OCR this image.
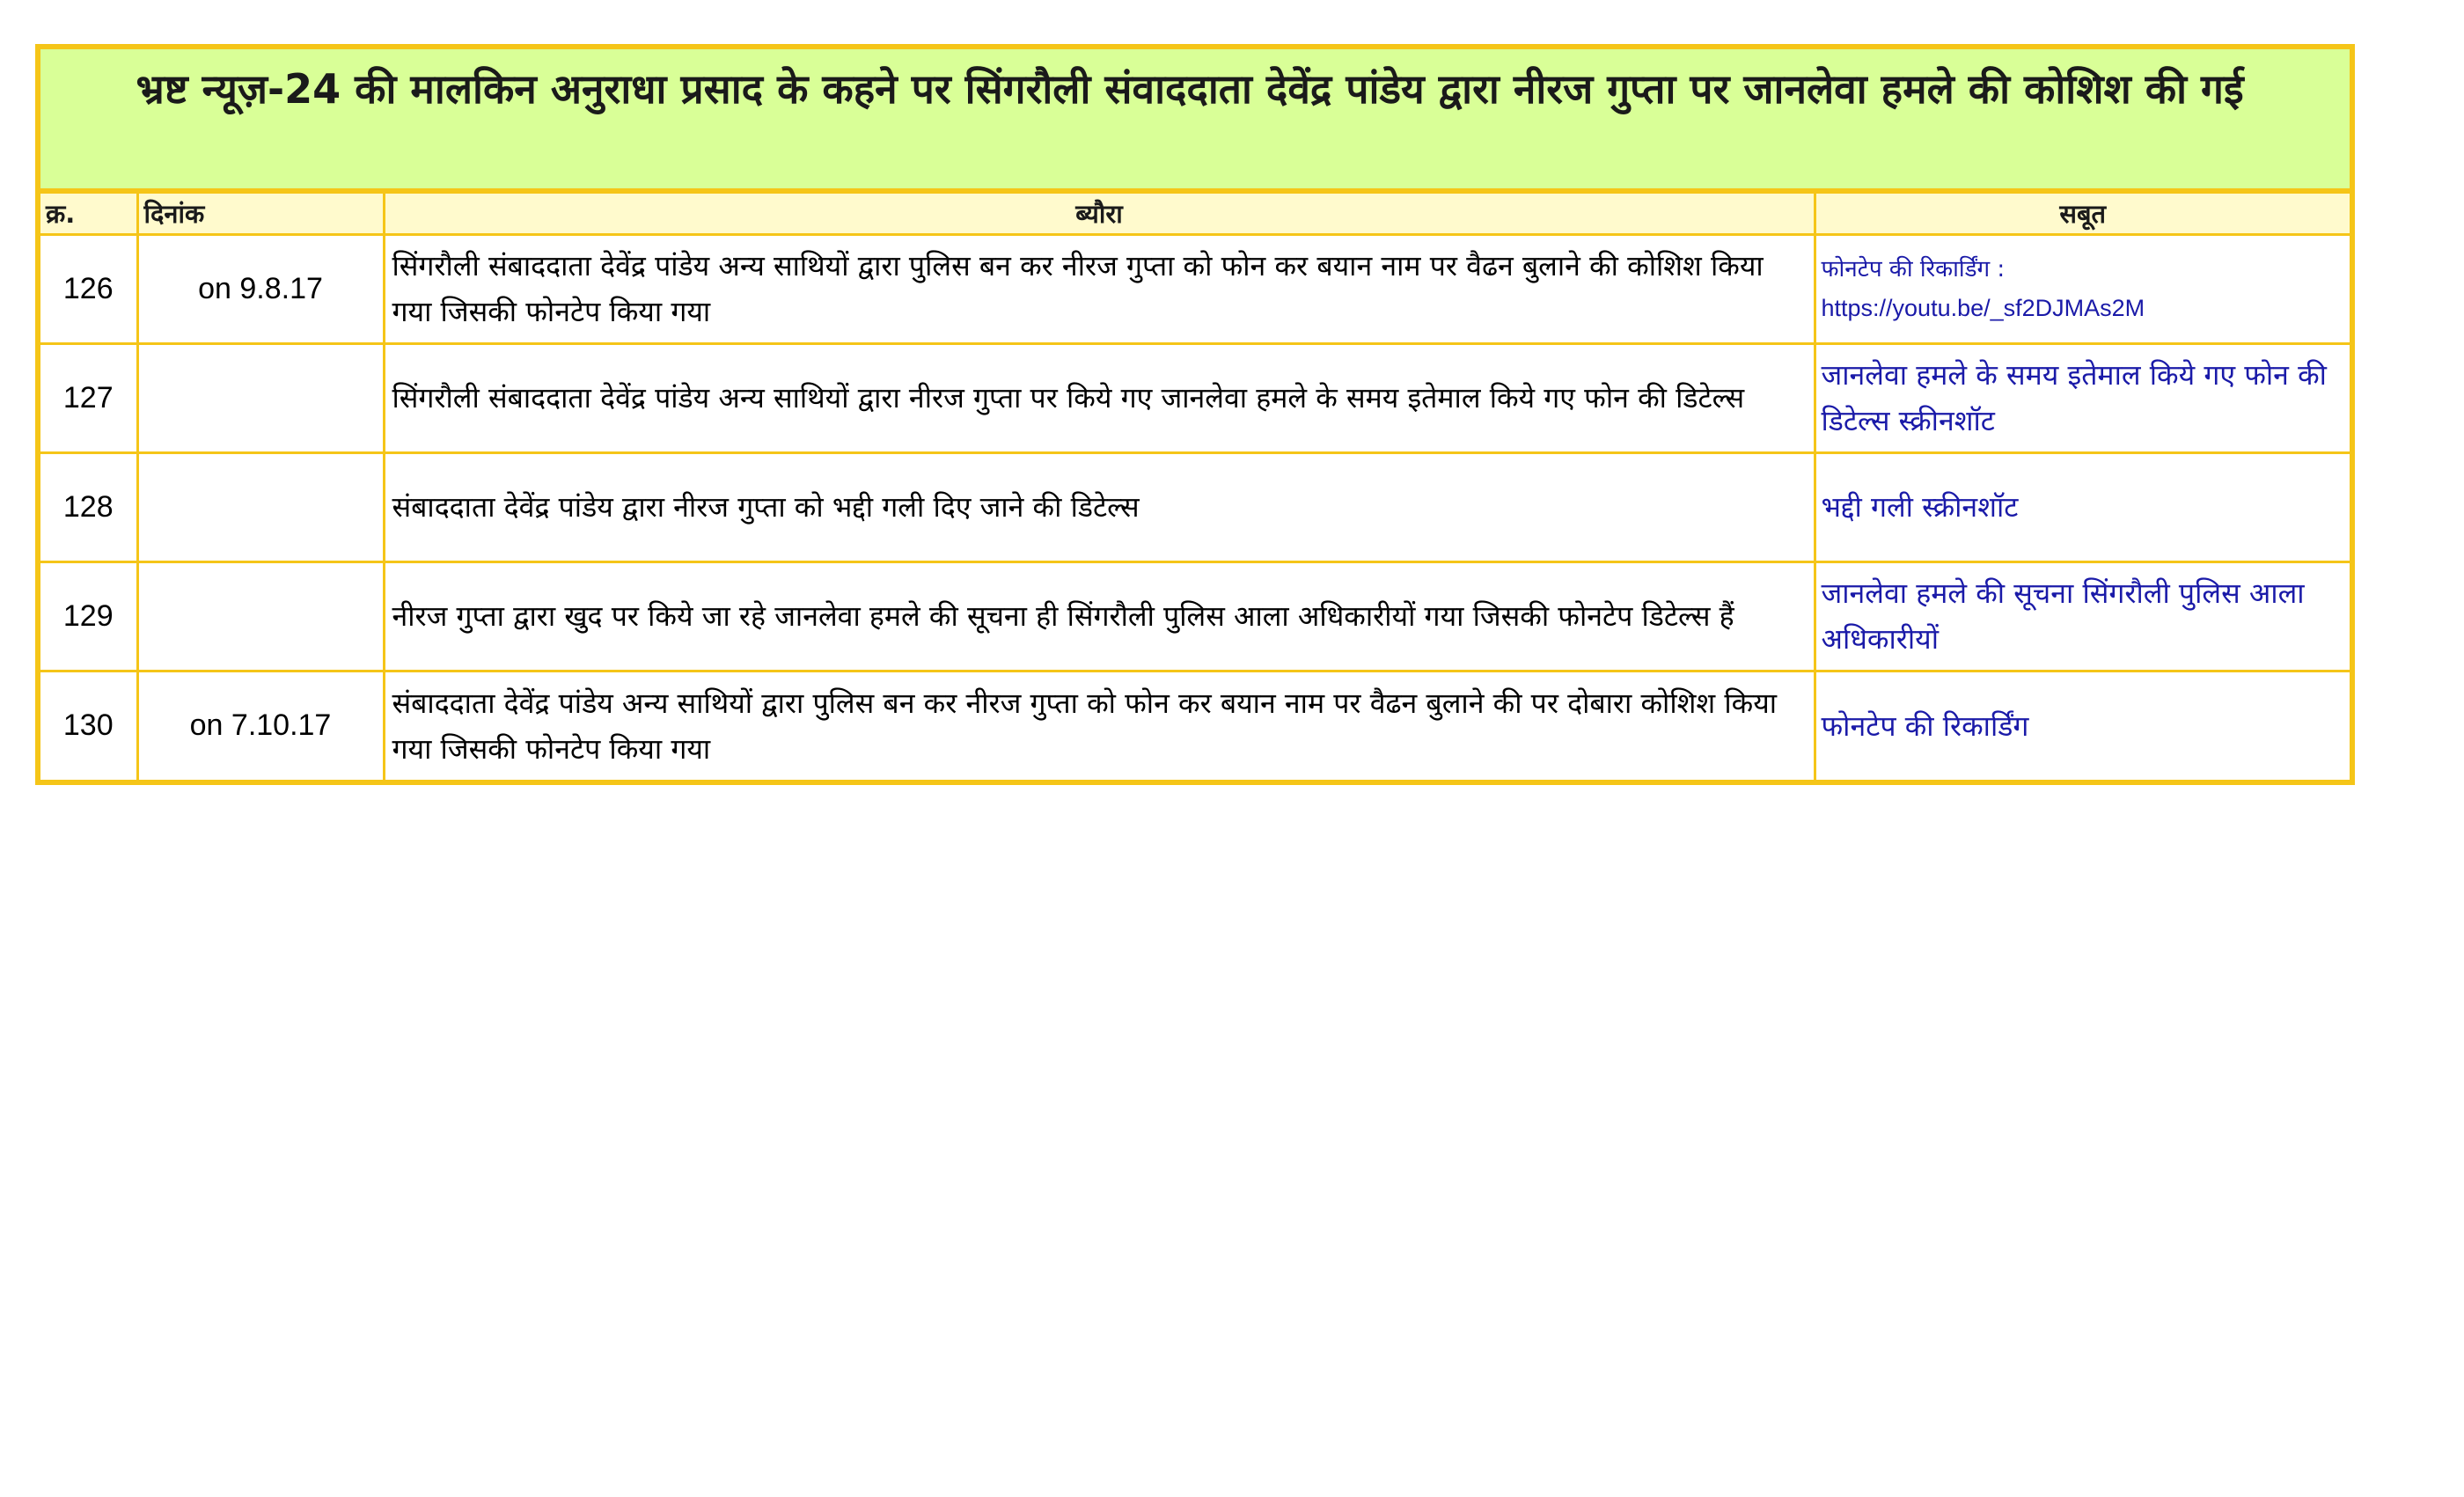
भ्रष्ट न्यूज़-24 की मालकिन अनुराधा प्रसाद के कहने पर सिंगरौली संवाददाता देवेंद्र पांडेय द्वारा नीरज गुप्ता पर जानलेवा हमले की कोशिश की गई
क्र.	दिनांक	ब्यौरा	सबूत
126	on 9.8.17	सिंगरौली संबाददाता देवेंद्र पांडेय अन्य साथियों द्वारा पुलिस बन कर नीरज गुप्ता को फोन कर बयान नाम पर वैढन बुलाने की कोशिश किया गया जिसकी फोनटेप किया गया	फोनटेप की रिकार्डिंग :
https://youtu.be/_sf2DJMAs2M

127		सिंगरौली संबाददाता देवेंद्र पांडेय अन्य साथियों द्वारा नीरज गुप्ता पर किये गए जानलेवा हमले के समय इतेमाल किये गए फोन की डिटेल्स	जानलेवा हमले के समय इतेमाल किये गए फोन की डिटेल्स स्क्रीनशॉट

128		संबाददाता देवेंद्र पांडेय द्वारा नीरज गुप्ता को भद्दी गली दिए जाने की डिटेल्स	भद्दी गली स्क्रीनशॉट

129		नीरज गुप्ता द्वारा खुद पर किये जा रहे जानलेवा हमले की सूचना ही सिंगरौली पुलिस आला अधिकारीयों गया जिसकी फोनटेप डिटेल्स हैं	जानलेवा हमले की सूचना सिंगरौली पुलिस आला अधिकारीयों

130	on 7.10.17	संबाददाता देवेंद्र पांडेय अन्य साथियों द्वारा पुलिस बन कर नीरज गुप्ता को फोन कर बयान नाम पर वैढन बुलाने की पर दोबारा कोशिश किया गया जिसकी फोनटेप किया गया	फोनटेप की रिकार्डिंग
